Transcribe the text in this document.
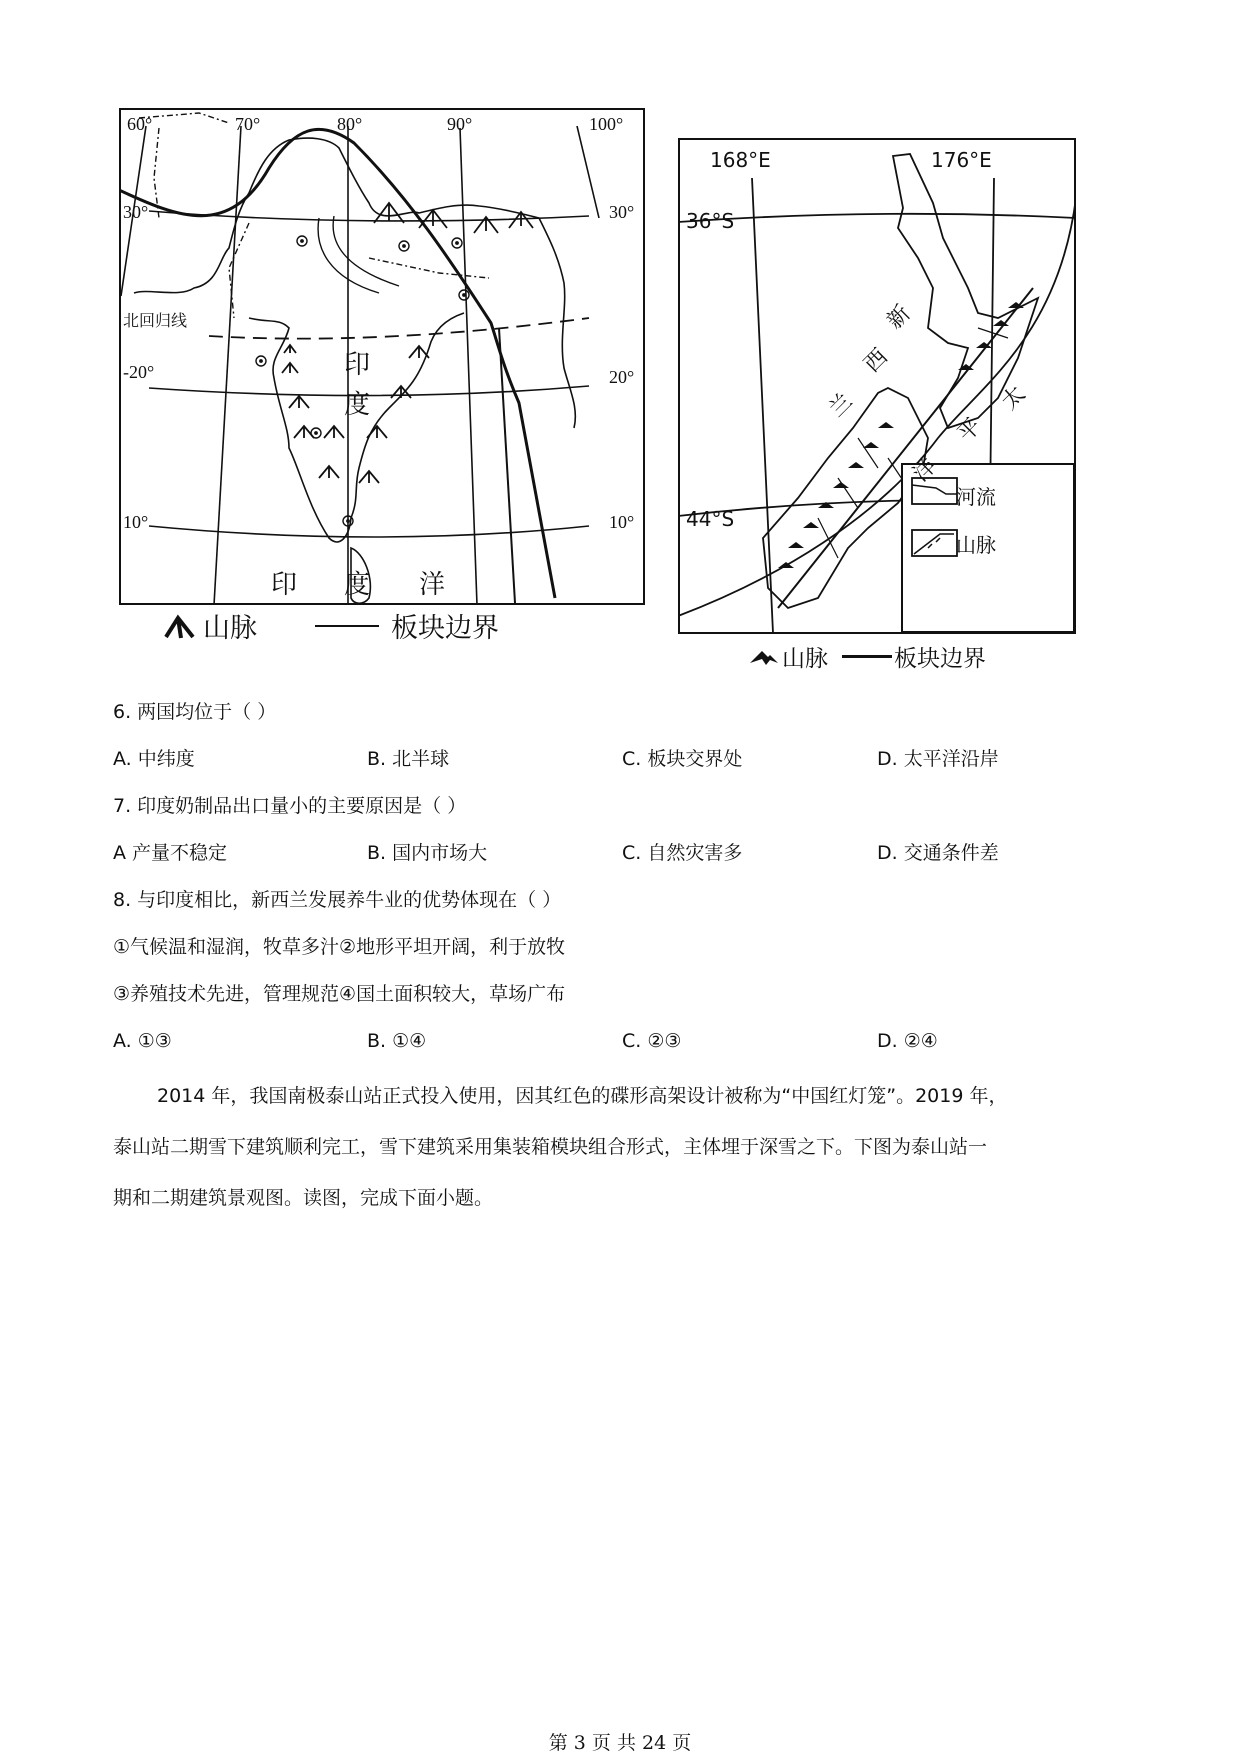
60°	70°	80°	90°	100°
30°	30°
北回归线
-20°	20°
10°	10°
印
度
印 度 洋
山脉	板块边界
168°E	176°E
36°S
44°S
河流
山脉
新
西
兰	太
平
洋
山脉	板块边界
6. 两国均位于（ ）
A. 中纬度	B. 北半球	C. 板块交界处	D. 太平洋沿岸
7. 印度奶制品出口量小的主要原因是（ ）
A 产量不稳定	B. 国内市场大	C. 自然灾害多	D. 交通条件差
8. 与印度相比，新西兰发展养牛业的优势体现在（ ）
①气候温和湿润，牧草多汁②地形平坦开阔，利于放牧
③养殖技术先进，管理规范④国土面积较大，草场广布
A. ①③	B. ①④	C. ②③	D. ②④
2014 年，我国南极泰山站正式投入使用，因其红色的碟形高架设计被称为“中国红灯笼”。2019 年，
泰山站二期雪下建筑顺利完工，雪下建筑采用集装箱模块组合形式，主体埋于深雪之下。下图为泰山站一
期和二期建筑景观图。读图，完成下面小题。
第 3 页 共 24 页
